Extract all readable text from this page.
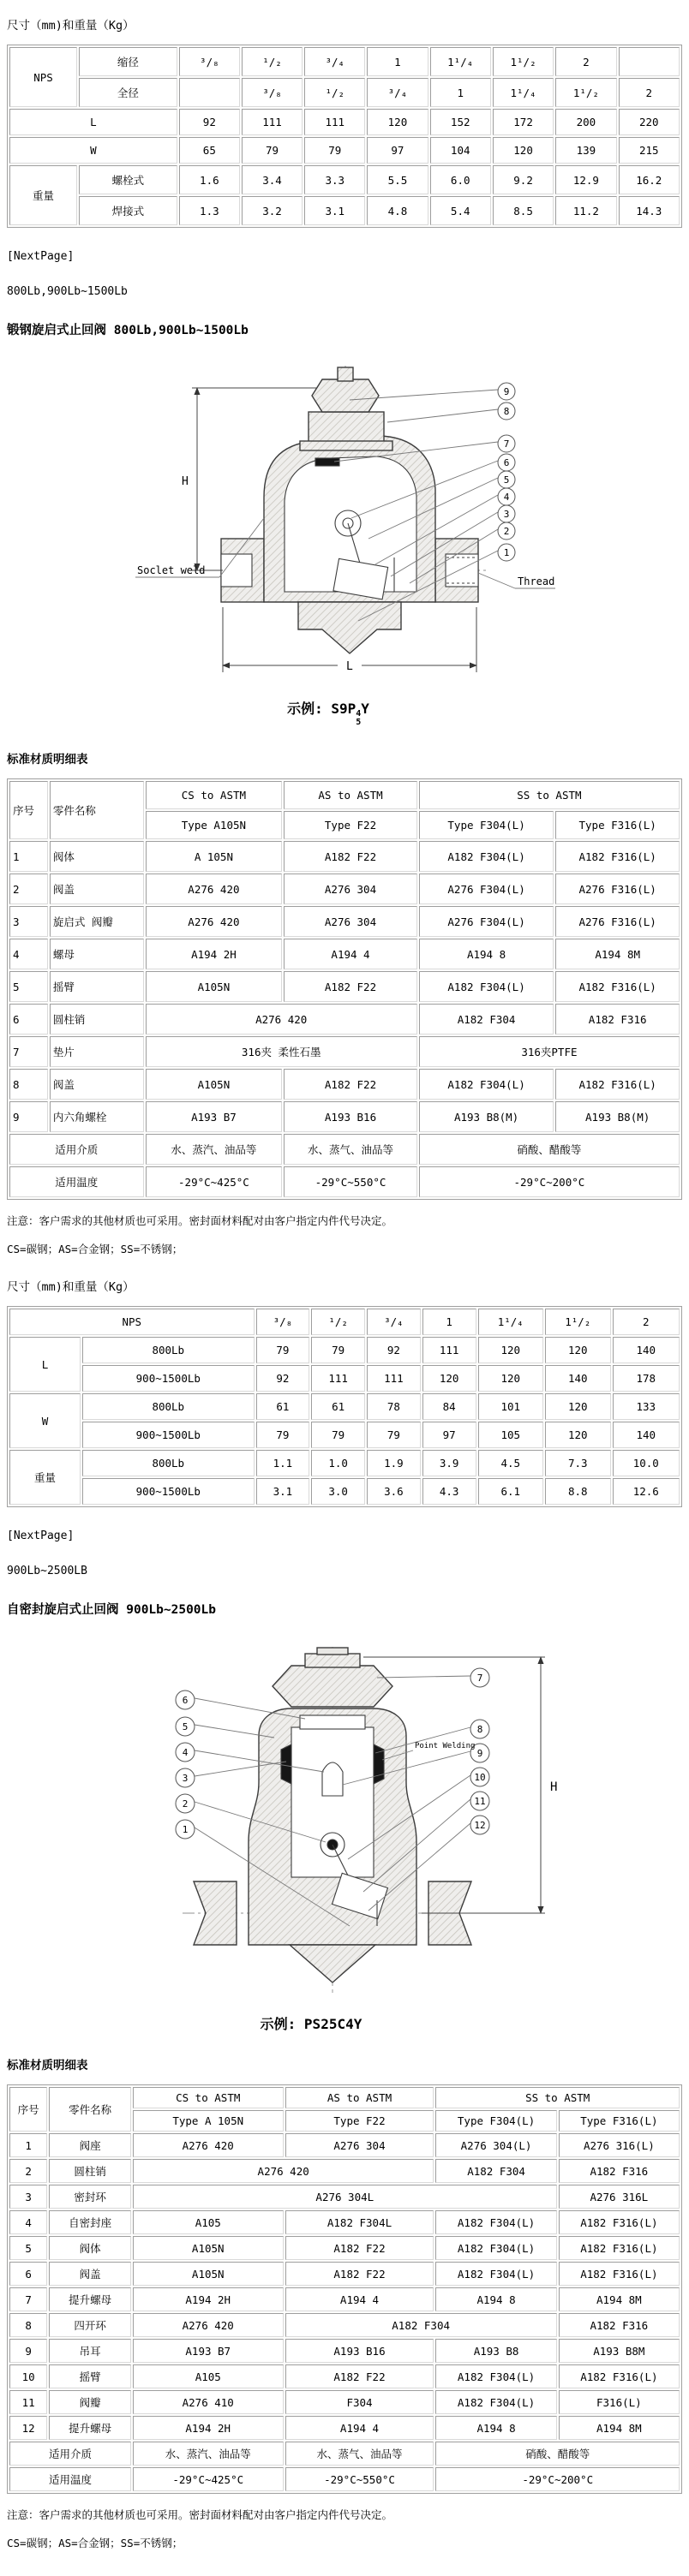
尺寸（mm)和重量（Kg）

NPS	缩径	³/₈	¹/₂	³/₄	1	1¹/₄	1¹/₂	2	
	全径		³/₈	¹/₂	³/₄	1	1¹/₄	1¹/₂	2
L		92	111	111	120	152	172	200	220
W		65	79	79	97	104	120	139	215
重量	螺栓式	1.6	3.4	3.3	5.5	6.0	9.2	12.9	16.2
	焊接式	1.3	3.2	3.1	4.8	5.4	8.5	11.2	14.3

[NextPage]

800Lb,900Lb~1500Lb

锻钢旋启式止回阀 800Lb,900Lb~1500Lb

9
8
7
6
5
4
3
2
1
H
L
Soclet weld
Thread

示例: S9P 4
5
Y

标准材质明细表

序号	零件名称	CS to ASTM	AS to ASTM	SS to ASTM	
		Type A105N	Type F22	Type F304(L)	Type F316(L)
1	阀体	A 105N	A182 F22	A182 F304(L)	A182 F316(L)
2	阀盖	A276 420	A276 304	A276 F304(L)	A276 F316(L)
3	旋启式 阀瓣	A276 420	A276 304	A276 F304(L)	A276 F316(L)
4	螺母	A194 2H	A194 4	A194 8	A194 8M
5	摇臂	A105N	A182 F22	A182 F304(L)	A182 F316(L)
6	圆柱销	A276 420		A182 F304	A182 F316
7	垫片	316夹 柔性石墨		316夹PTFE	
8	阀盖	A105N	A182 F22	A182 F304(L)	A182 F316(L)
9	内六角螺栓	A193 B7	A193 B16	A193 B8(M)	A193 B8(M)
适用介质		水、蒸汽、油品等	水、蒸气、油品等	硝酸、醋酸等	
适用温度		-29°C~425°C	-29°C~550°C	-29°C~200°C	

注意：客户需求的其他材质也可采用。密封面材料配对由客户指定内件代号决定。

CS=碳钢；AS=合金钢；SS=不锈钢；

尺寸（mm)和重量（Kg）

NPS		³/₈	¹/₂	³/₄	1	1¹/₄	1¹/₂	2
L	800Lb	79	79	92	111	120	120	140
	900~1500Lb	92	111	111	120	120	140	178
W	800Lb	61	61	78	84	101	120	133
	900~1500Lb	79	79	79	97	105	120	140
重量	800Lb	1.1	1.0	1.9	3.9	4.5	7.3	10.0
	900~1500Lb	3.1	3.0	3.6	4.3	6.1	8.8	12.6

[NextPage]

900Lb~2500LB

自密封旋启式止回阀 900Lb~2500Lb

6
5
4
3
2
1
7
8
9
10
11
12
Point Welding
H

示例: PS25C4Y

标准材质明细表

序号	零件名称	CS to ASTM	AS to ASTM	SS to ASTM	
		Type A 105N	Type F22	Type F304(L)	Type F316(L)
1	阀座	A276 420	A276 304	A276 304(L)	A276 316(L)
2	圆柱销	A276 420		A182 F304	A182 F316
3	密封环	A276 304L			A276 316L
4	自密封座	A105	A182 F304L	A182 F304(L)	A182 F316(L)
5	阀体	A105N	A182 F22	A182 F304(L)	A182 F316(L)
6	阀盖	A105N	A182 F22	A182 F304(L)	A182 F316(L)
7	提升螺母	A194 2H	A194 4	A194 8	A194 8M
8	四开环	A276 420	A182 F304		A182 F316
9	吊耳	A193 B7	A193 B16	A193 B8	A193 B8M
10	摇臂	A105	A182 F22	A182 F304(L)	A182 F316(L)
11	阀瓣	A276 410	F304	A182 F304(L)	F316(L)
12	提升螺母	A194 2H	A194 4	A194 8	A194 8M
适用介质		水、蒸汽、油品等	水、蒸气、油品等	硝酸、醋酸等	
适用温度		-29°C~425°C	-29°C~550°C	-29°C~200°C	

注意：客户需求的其他材质也可采用。密封面材料配对由客户指定内件代号决定。

CS=碳钢；AS=合金钢；SS=不锈钢；
